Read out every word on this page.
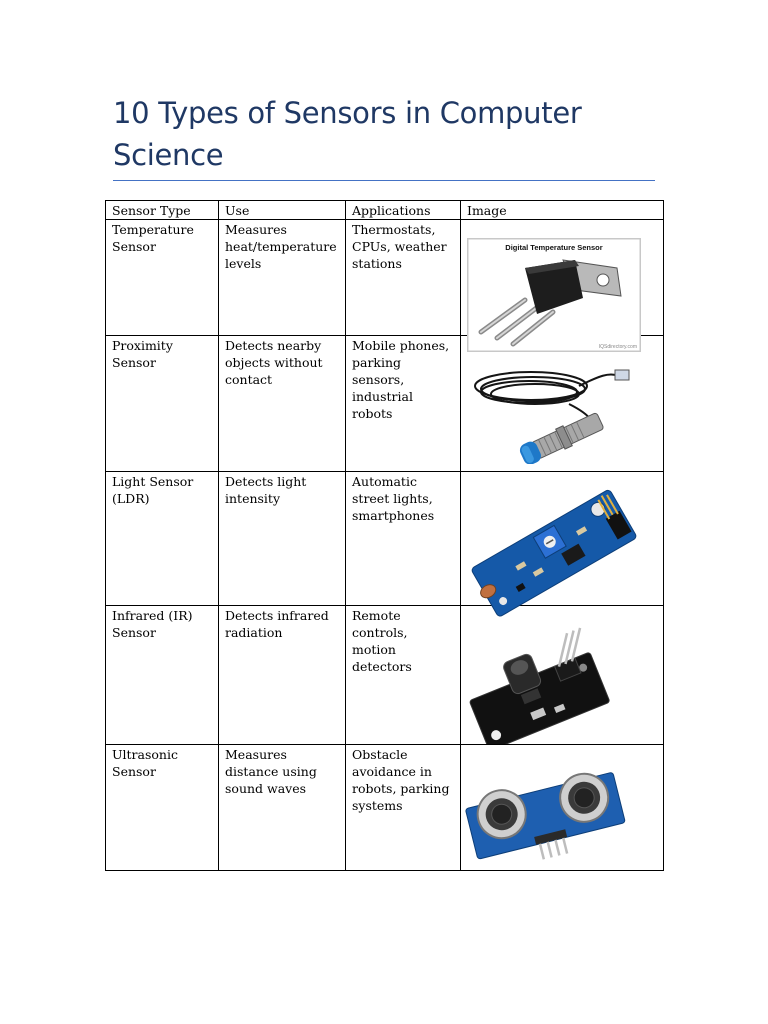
10 Types of Sensors in Computer Science
Sensor Type	Use	Applications	Image
Temperature Sensor	Measures heat/temperature levels	Thermostats, CPUs, weather stations	Digital Temperature Sensor
IQSdirectory.com

Proximity Sensor	Detects nearby objects without contact	Mobile phones, parking sensors, industrial robots	

Light Sensor (LDR)	Detects light intensity	Automatic street lights, smartphones	

Infrared (IR) Sensor	Detects infrared radiation	Remote controls, motion detectors	

Ultrasonic Sensor	Measures distance using sound waves	Obstacle avoidance in robots, parking systems	
